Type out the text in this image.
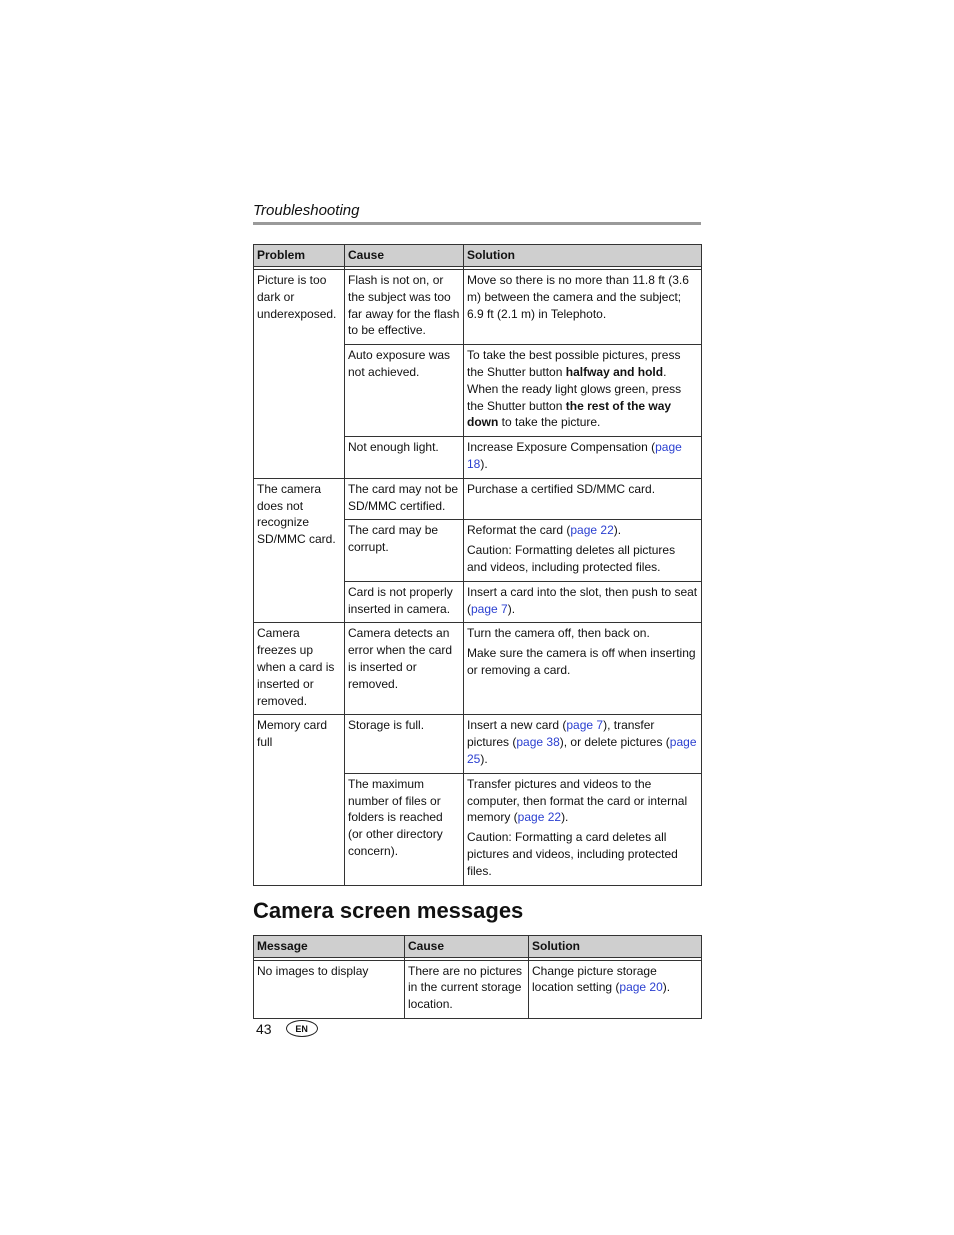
Troubleshooting
Problem	Cause	Solution

Picture is too dark or underexposed.	Flash is not on, or the subject was too far away for the flash to be effective.	Move so there is no more than 11.8 ft (3.6 m) between the camera and the subject; 6.9 ft (2.1 m) in Telephoto.

	Auto exposure was not achieved.	To take the best possible pictures, press the Shutter button halfway and hold. When the ready light glows green, press the Shutter button the rest of the way down to take the picture.
	Not enough light.	Increase Exposure Compensation (page 18).
The camera does not recognize SD/MMC card.	The card may not be SD/MMC certified.	Purchase a certified SD/MMC card.
	The card may be corrupt.	Reformat the card (page 22).

Caution: Formatting deletes all pictures and videos, including protected files.

	Card is not properly inserted in camera.	Insert a card into the slot, then push to seat (page 7).
Camera freezes up when a card is inserted or removed.	Camera detects an error when the card is inserted or removed.	Turn the camera off, then back on.

Make sure the camera is off when inserting or removing a card.

Memory card full	Storage is full.	Insert a new card (page 7), transfer pictures (page 38), or delete pictures (page 25).
	The maximum number of files or folders is reached (or other directory concern).	Transfer pictures and videos to the computer, then format the card or internal memory (page 22).

Caution: Formatting a card deletes all pictures and videos, including protected files.

Camera screen messages
Message	Cause	Solution

No images to display	There are no pictures in the current storage location.	Change picture storage location setting (page 20).
43	EN
